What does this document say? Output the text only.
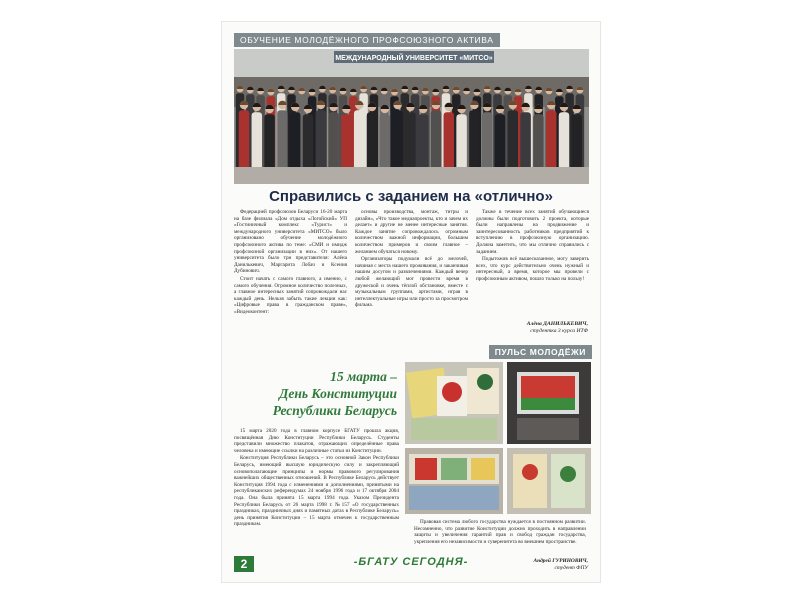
ОБУЧЕНИЕ МОЛОДЁЖНОГО ПРОФСОЮЗНОГО АКТИВА
МЕЖДУНАРОДНЫЙ УНИВЕРСИТЕТ «МИТСО»
Справились с заданием на «отлично»

Федерацией профсоюзов Беларуси 16-20 марта на базе филиала «Дом отдыха «Логойский» УП «Гостиничный комплекс «Турист» и международного университета «МИТСО» было организовано обучение молодёжного профсоюзного актива по теме: «СМИ и имидж профсоюзной организации в них». От нашего университета было три представителя: Алёна Данилькевич, Маргарита Лобач и Ксения Дубинович.

Стоит начать с самого главного, а именно, с самого обучения. Огромное количество полезных, а главное интересных занятий сопровождали нас каждый день. Нельзя забыть такие лекции как: «Цифровые права в гражданском праве», «Видеоконтент:

основы производства, монтаж, титры и дизайн», «Что такое медиапроекты, кто и зачем их делает» и другие не менее интересные занятия. Каждое занятие сопровождалось огромным количеством важной информации, большим количеством примеров и своим главное – желанием обучаться новому.

Организаторы подумали всё до мелочей, начиная с места нашего проживания, и заканчивая нашим досугом и развлечениями. Каждый вечер любой желающий мог провести время в дружеской и очень тёплой обстановке, вместе с музыкальным группами, артистами, играя в интеллектуальные игры или просто за просмотром фильма.

Также в течение всех занятий обучающиеся должны были подготовить 2 проекта, которые были направлены на продвижение и заинтересованность работников предприятий к вступлению в профсоюзную организацию. Должна заметить, что мы отлично справились с заданием.

Подытожив всё вышесказанное, могу заверить всех, что курс действительно очень нужный и интересный, а время, которое мы провели с профсоюзным активом, пошло только на пользу!

Алёна ДАНИЛЬКЕВИЧ,
студентка 3 курса ИТФ
ПУЛЬС МОЛОДЁЖИ
15 марта –
День Конституции
Республики Беларусь

15 марта 2020 года в главном корпусе БГАТУ прошла акция, посвящённая Дню Конституции Республики Беларусь. Студенты представили множество плакатов, отражающих определённые права человека и имеющие ссылки на различные статьи из Конституции.

Конституция Республики Беларусь – это основной Закон Республики Беларусь, имеющий высшую юридическую силу и закрепляющий основополагающие принципы и нормы правового регулирования важнейших общественных отношений. В Республике Беларусь действует Конституция 1994 года с изменениями и дополнениями, принятыми на республиканских референдумах 24 ноября 1996 года и 17 октября 2004 года. Она была принята 15 марта 1994 года. Указом Президента Республики Беларусь от 26 марта 1998 г. №157 «О государственных праздниках, праздничных днях и памятных датах в Республике Беларусь» день принятия Конституции – 15 марта отмечен к государственным праздникам.	Правовая система любого государства нуждается в постоянном развитии. Несомненно, что развитие Конституции должно проходить в направлении защиты и увеличения гарантий прав и свобод граждан государства, укрепления его независимости и суверенитета во внешнем пространстве.

Андрей ГУРИНОВИЧ,
студент ФПУ
2	-БГАТУ СЕГОДНЯ-
